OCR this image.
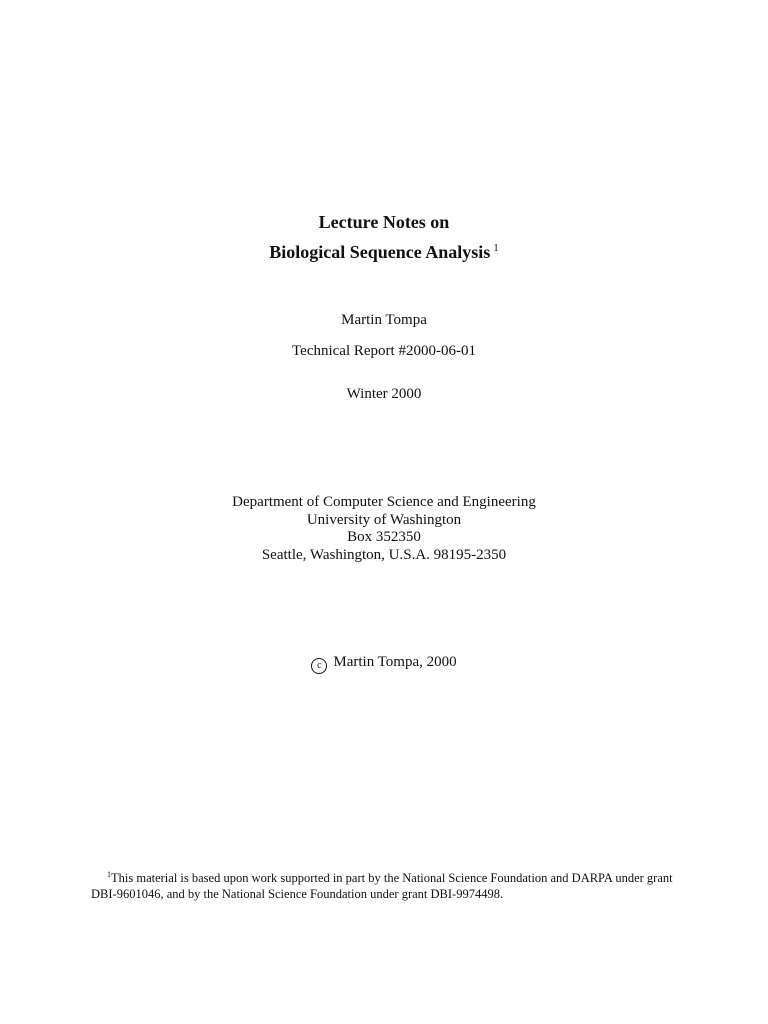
Lecture Notes on
Biological Sequence Analysis $^1$
Martin Tompa
Technical Report #2000-06-01
Winter 2000
Department of Computer Science and Engineering
University of Washington
Box 352350
Seattle, Washington, U.S.A. 98195-2350
c Martin Tompa, 2000
$^1$This material is based upon work supported in part by the National Science Foundation and DARPA under grant
DBI-9601046, and by the National Science Foundation under grant DBI-9974498.
